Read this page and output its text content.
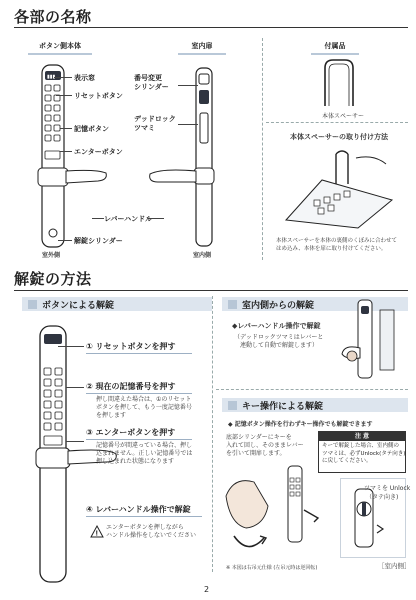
各部の名称
ボタン側本体	室内扉	付属品
▮▮▮	表示窓
リセットボタン
記憶ボタン
エンターボタン
レバーハンドル
解錠シリンダー
室外側
番号変更
シリンダー
デッドロック
ツマミ
室内側
本体スペーサー
本体スペーサーの取り付け方法
本体スペーサーを本体の裏側のくぼみに合わせて
はめ込み、本体を扉に取り付けてください。
解錠の方法
ボタンによる解錠
① リセットボタンを押す
② 現在の記憶番号を押す
押し間違えた場合は、①のリセット
ボタンを押して、もう一度記憶番号
を押します
③ エンターボタンを押す
記憶番号が間違っている場合、押し
込まれません。正しい記憶番号では
押し込まれた状態になります
④ レバーハンドル操作で解錠
!
エンターボタンを押しながら
ハンドル操作をしないでください
室内側からの解錠
◆レバーハンドル操作で解錠
（デッドロックツマミはレバーと
　連動して自動で解錠します）
キー操作による解錠
◆ 記憶ボタン操作を行わずキー操作でも解錠できます
底部シリンダーにキーを
入れて回し、そのままレバー
を引いて開扉します。
注 意
キーで解錠した場合、室内側の
ツマミは、必ずUnlock(タテ向き)
に戻してください。
ツマミを Unlock
（タテ向き)
［室内側］
※ 本図は右吊元仕様 (左吊元時は逆回転)
2
